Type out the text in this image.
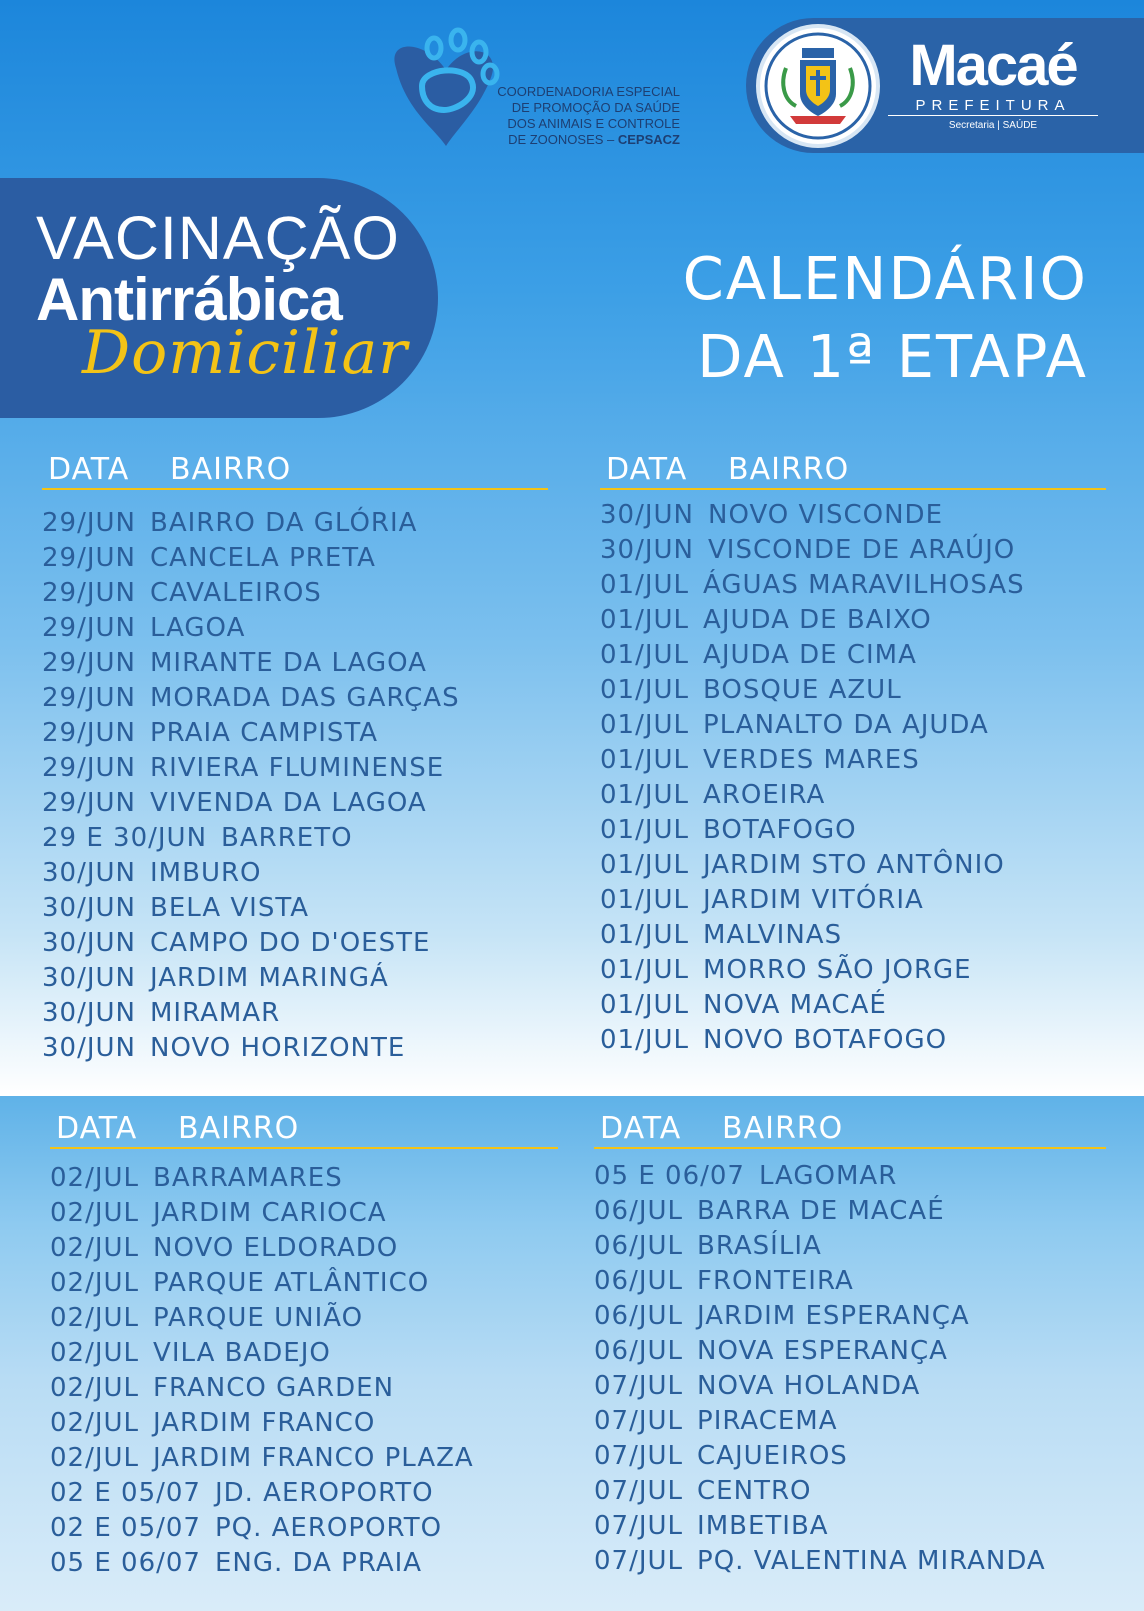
COORDENADORIA ESPECIAL
DE PROMOÇÃO DA SAÚDE
DOS ANIMAIS E CONTROLE
DE ZOONOSES – CEPSACZ
Macaé
PREFEITURA
Secretaria | SAÚDE
VACINAÇÃO
Antirrábica
Domiciliar
CALENDÁRIO
DA 1ª ETAPA
DATA	BAIRRO
29/JUN BAIRRO DA GLÓRIA
29/JUN CANCELA PRETA
29/JUN CAVALEIROS
29/JUN LAGOA
29/JUN MIRANTE DA LAGOA
29/JUN MORADA DAS GARÇAS
29/JUN PRAIA CAMPISTA
29/JUN RIVIERA FLUMINENSE
29/JUN VIVENDA DA LAGOA
29 E 30/JUN BARRETO
30/JUN IMBURO
30/JUN BELA VISTA
30/JUN CAMPO DO D'OESTE
30/JUN JARDIM MARINGÁ
30/JUN MIRAMAR
30/JUN NOVO HORIZONTE
DATA	BAIRRO
30/JUN NOVO VISCONDE
30/JUN VISCONDE DE ARAÚJO
01/JUL ÁGUAS MARAVILHOSAS
01/JUL AJUDA DE BAIXO
01/JUL AJUDA DE CIMA
01/JUL BOSQUE AZUL
01/JUL PLANALTO DA AJUDA
01/JUL VERDES MARES
01/JUL AROEIRA
01/JUL BOTAFOGO
01/JUL JARDIM STO ANTÔNIO
01/JUL JARDIM VITÓRIA
01/JUL MALVINAS
01/JUL MORRO SÃO JORGE
01/JUL NOVA MACAÉ
01/JUL NOVO BOTAFOGO
DATA	BAIRRO
02/JUL BARRAMARES
02/JUL JARDIM CARIOCA
02/JUL NOVO ELDORADO
02/JUL PARQUE ATLÂNTICO
02/JUL PARQUE UNIÃO
02/JUL VILA BADEJO
02/JUL FRANCO GARDEN
02/JUL JARDIM FRANCO
02/JUL JARDIM FRANCO PLAZA
02 E 05/07 JD. AEROPORTO
02 E 05/07 PQ. AEROPORTO
05 E 06/07 ENG. DA PRAIA
DATA	BAIRRO
05 E 06/07 LAGOMAR
06/JUL BARRA DE MACAÉ
06/JUL BRASÍLIA
06/JUL FRONTEIRA
06/JUL JARDIM ESPERANÇA
06/JUL NOVA ESPERANÇA
07/JUL NOVA HOLANDA
07/JUL PIRACEMA
07/JUL CAJUEIROS
07/JUL CENTRO
07/JUL IMBETIBA
07/JUL PQ. VALENTINA MIRANDA
